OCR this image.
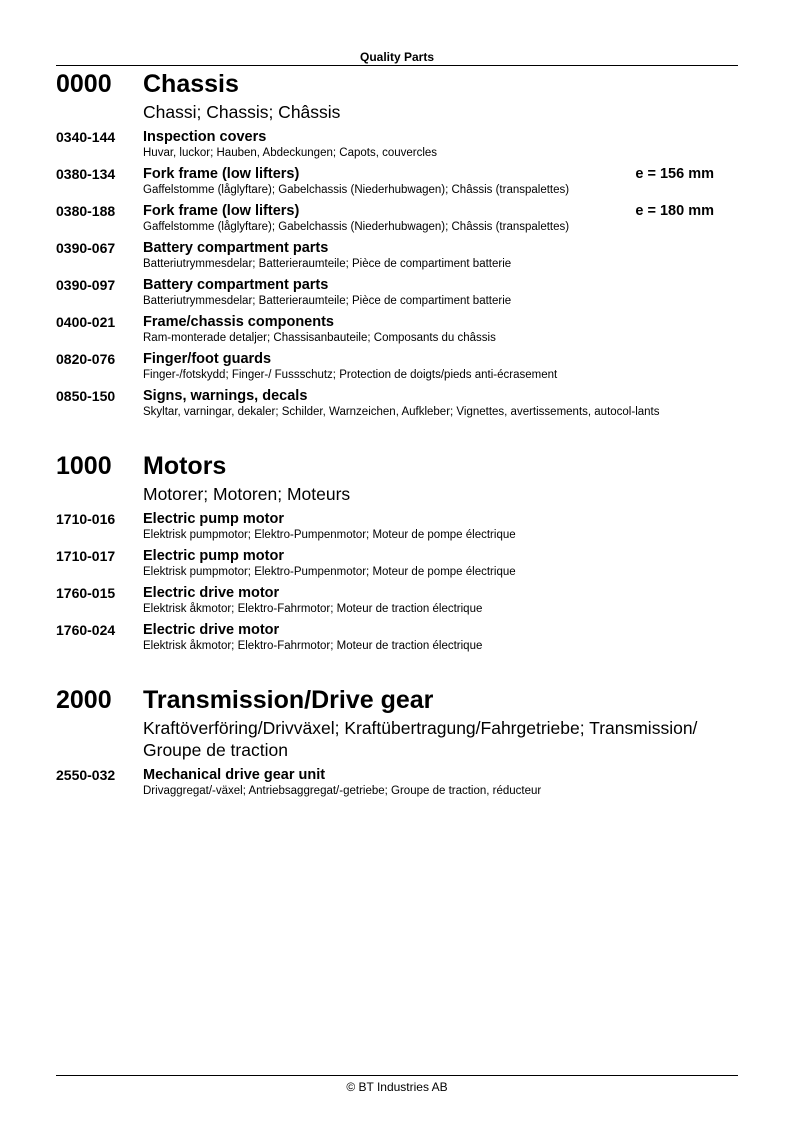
Quality Parts
0000	Chassis
Chassi; Chassis; Châssis
0340-144	Inspection covers
Huvar, luckor; Hauben, Abdeckungen; Capots, couvercles
0380-134	Fork frame (low lifters)	e = 156 mm
Gaffelstomme (låglyftare); Gabelchassis (Niederhubwagen); Châssis (transpalettes)
0380-188	Fork frame (low lifters)	e = 180 mm
Gaffelstomme (låglyftare); Gabelchassis (Niederhubwagen); Châssis (transpalettes)
0390-067	Battery compartment parts
Batteriutrymmesdelar; Batterieraumteile; Pièce de compartiment batterie
0390-097	Battery compartment parts
Batteriutrymmesdelar; Batterieraumteile; Pièce de compartiment batterie
0400-021	Frame/chassis components
Ram-monterade detaljer; Chassisanbauteile; Composants du châssis
0820-076	Finger/foot guards
Finger-/fotskydd; Finger-/ Fussschutz; Protection de doigts/pieds anti-écrasement
0850-150	Signs, warnings, decals
Skyltar, varningar, dekaler; Schilder, Warnzeichen, Aufkleber; Vignettes, avertissements, autocol-lants
1000	Motors
Motorer; Motoren; Moteurs
1710-016	Electric pump motor
Elektrisk pumpmotor; Elektro-Pumpenmotor; Moteur de pompe électrique
1710-017	Electric pump motor
Elektrisk pumpmotor; Elektro-Pumpenmotor; Moteur de pompe électrique
1760-015	Electric drive motor
Elektrisk åkmotor; Elektro-Fahrmotor; Moteur de traction électrique
1760-024	Electric drive motor
Elektrisk åkmotor; Elektro-Fahrmotor; Moteur de traction électrique
2000	Transmission/Drive gear
Kraftöverföring/Drivväxel; Kraftübertragung/Fahrgetriebe; Transmission/ Groupe de traction
2550-032	Mechanical drive gear unit
Drivaggregat/-växel; Antriebsaggregat/-getriebe; Groupe de traction, réducteur
© BT Industries AB
